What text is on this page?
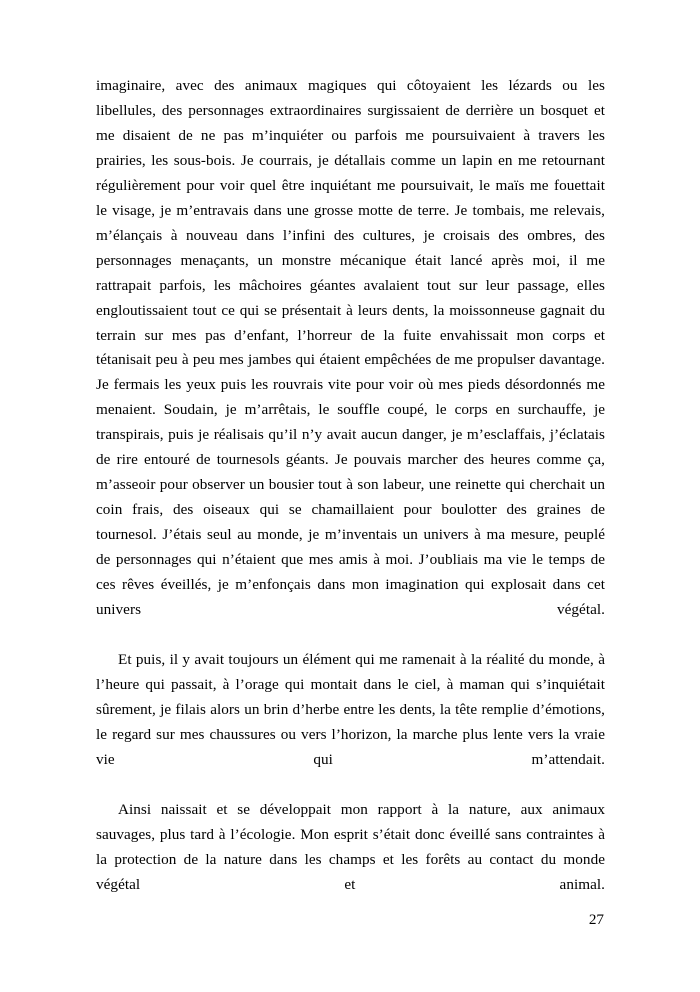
imaginaire, avec des animaux magiques qui côtoyaient les lézards ou les libellules, des personnages extraordinaires surgissaient de derrière un bosquet et me disaient de ne pas m’inquiéter ou parfois me poursuivaient à travers les prairies, les sous-bois. Je courrais, je détallais comme un lapin en me retournant régulièrement pour voir quel être inquiétant me poursuivait, le maïs me fouettait le visage, je m’entravais dans une grosse motte de terre. Je tombais, me relevais, m’élançais à nouveau dans l’infini des cultures, je croisais des ombres, des personnages menaçants, un monstre mécanique était lancé après moi, il me rattrapait parfois, les mâchoires géantes avalaient tout sur leur passage, elles engloutissaient tout ce qui se présentait à leurs dents, la moissonneuse gagnait du terrain sur mes pas d’enfant, l’horreur de la fuite envahissait mon corps et tétanisait peu à peu mes jambes qui étaient empêchées de me propulser davantage. Je fermais les yeux puis les rouvrais vite pour voir où mes pieds désordonnés me menaient. Soudain, je m’arrêtais, le souffle coupé, le corps en surchauffe, je transpirais, puis je réalisais qu’il n’y avait aucun danger, je m’esclaffais, j’éclatais de rire entouré de tournesols géants. Je pouvais marcher des heures comme ça, m’asseoir pour observer un bousier tout à son labeur, une reinette qui cherchait un coin frais, des oiseaux qui se chamaillaient pour boulotter des graines de tournesol. J’étais seul au monde, je m’inventais un univers à ma mesure, peuplé de personnages qui n’étaient que mes amis à moi. J’oubliais ma vie le temps de ces rêves éveillés, je m’enfonçais dans mon imagination qui explosait dans cet univers végétal.

Et puis, il y avait toujours un élément qui me ramenait à la réalité du monde, à l’heure qui passait, à l’orage qui montait dans le ciel, à maman qui s’inquiétait sûrement, je filais alors un brin d’herbe entre les dents, la tête remplie d’émotions, le regard sur mes chaussures ou vers l’horizon, la marche plus lente vers la vraie vie qui m’attendait.

Ainsi naissait et se développait mon rapport à la nature, aux animaux sauvages, plus tard à l’écologie. Mon esprit s’était donc éveillé sans contraintes à la protection de la nature dans les champs et les forêts au contact du monde végétal et animal.

27
